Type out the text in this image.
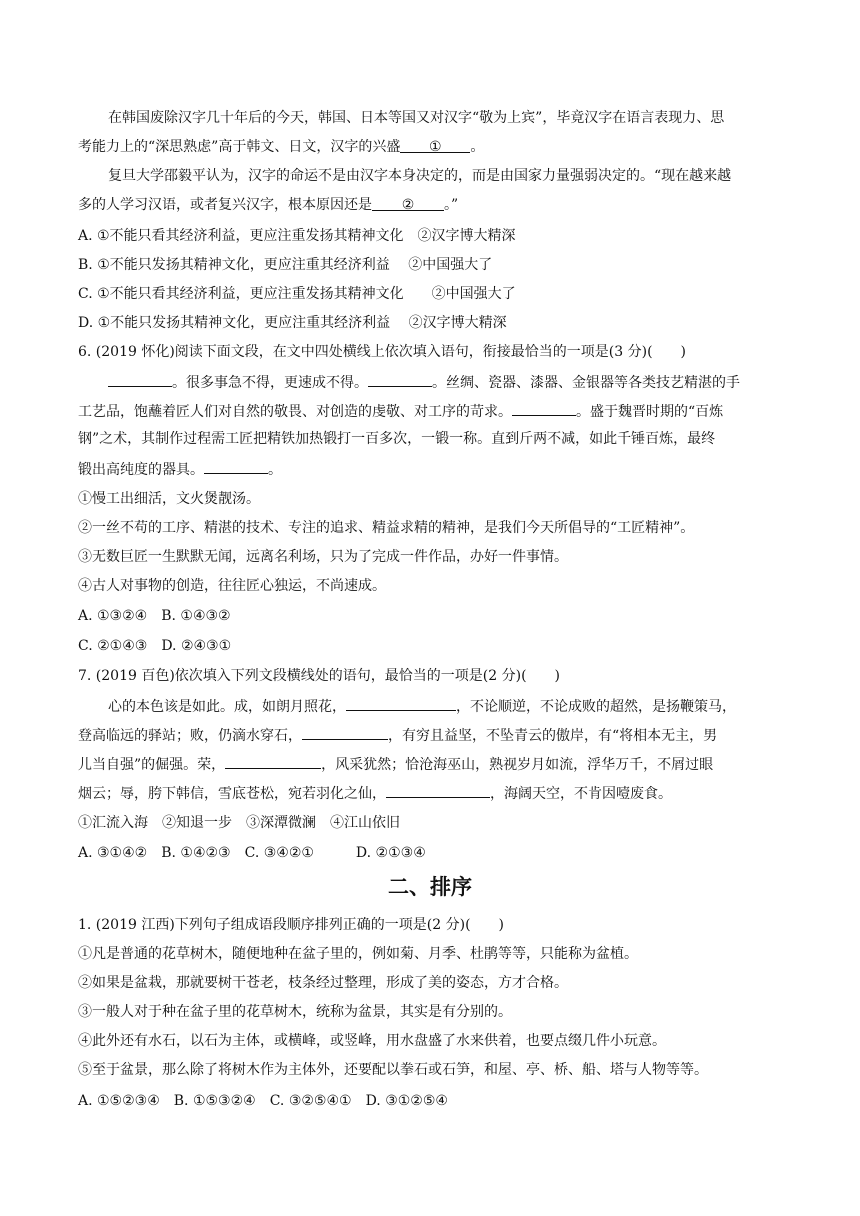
在韩国废除汉字几十年后的今天，韩国、日本等国又对汉字“敬为上宾”，毕竟汉字在语言表现力、思
考能力上的“深思熟虑”高于韩文、日文，汉字的兴盛 ① 。
复旦大学邵毅平认为，汉字的命运不是由汉字本身决定的，而是由国家力量强弱决定的。“现在越来越
多的人学习汉语，或者复兴汉字，根本原因还是 ② 。”
A. ①不能只看其经济利益，更应注重发扬其精神文化　②汉字博大精深
B. ①不能只发扬其精神文化，更应注重其经济利益　 ②中国强大了
C. ①不能只看其经济利益，更应注重发扬其精神文化　　②中国强大了
D. ①不能只发扬其精神文化，更应注重其经济利益　 ②汉字博大精深
6. (2019 怀化)阅读下面文段，在文中四处横线上依次填入语句，衔接最恰当的一项是(3 分)(　　)
。很多事急不得，更速成不得。	。丝绸、瓷器、漆器、金银器等各类技艺精湛的手
工艺品，饱蘸着匠人们对自然的敬畏、对创造的虔敬、对工序的苛求。	。盛于魏晋时期的“百炼
钢”之术，其制作过程需工匠把精铁加热锻打一百多次，一锻一称。直到斤两不减，如此千锤百炼，最终
锻出高纯度的器具。	。
①慢工出细活，文火煲靓汤。
②一丝不苟的工序、精湛的技术、专注的追求、精益求精的精神，是我们今天所倡导的“工匠精神”。
③无数巨匠一生默默无闻，远离名利场，只为了完成一件作品，办好一件事情。
④古人对事物的创造，往往匠心独运，不尚速成。
A. ①③②④　B. ①④③②
C. ②①④③　D. ②④③①
7. (2019 百色)依次填入下列文段横线处的语句，最恰当的一项是(2 分)(　　)
心的本色该是如此。成，如朗月照花，	，不论顺逆，不论成败的超然，是扬鞭策马，
登高临远的驿站；败，仍滴水穿石，	，有穷且益坚，不坠青云的傲岸，有“将相本无主，男
儿当自强”的倔强。荣，	，风采犹然；恰沧海巫山，熟视岁月如流，浮华万千，不屑过眼
烟云；辱，胯下韩信，雪底苍松，宛若羽化之仙，	，海阔天空，不肯因噎废食。
①汇流入海　②知退一步　③深潭微澜　④江山依旧
A. ③①④②　B. ①④②③　C. ③④②①　　　D. ②①③④
二、排序
1. (2019 江西)下列句子组成语段顺序排列正确的一项是(2 分)(　　)
①凡是普通的花草树木，随便地种在盆子里的，例如菊、月季、杜鹃等等，只能称为盆植。
②如果是盆栽，那就要树干苍老，枝条经过整理，形成了美的姿态，方才合格。
③一般人对于种在盆子里的花草树木，统称为盆景，其实是有分别的。
④此外还有水石，以石为主体，或横峰，或竖峰，用水盘盛了水来供着，也要点缀几件小玩意。
⑤至于盆景，那么除了将树木作为主体外，还要配以拳石或石笋，和屋、亭、桥、船、塔与人物等等。
A. ①⑤②③④　B. ①⑤③②④　C. ③②⑤④①　D. ③①②⑤④
